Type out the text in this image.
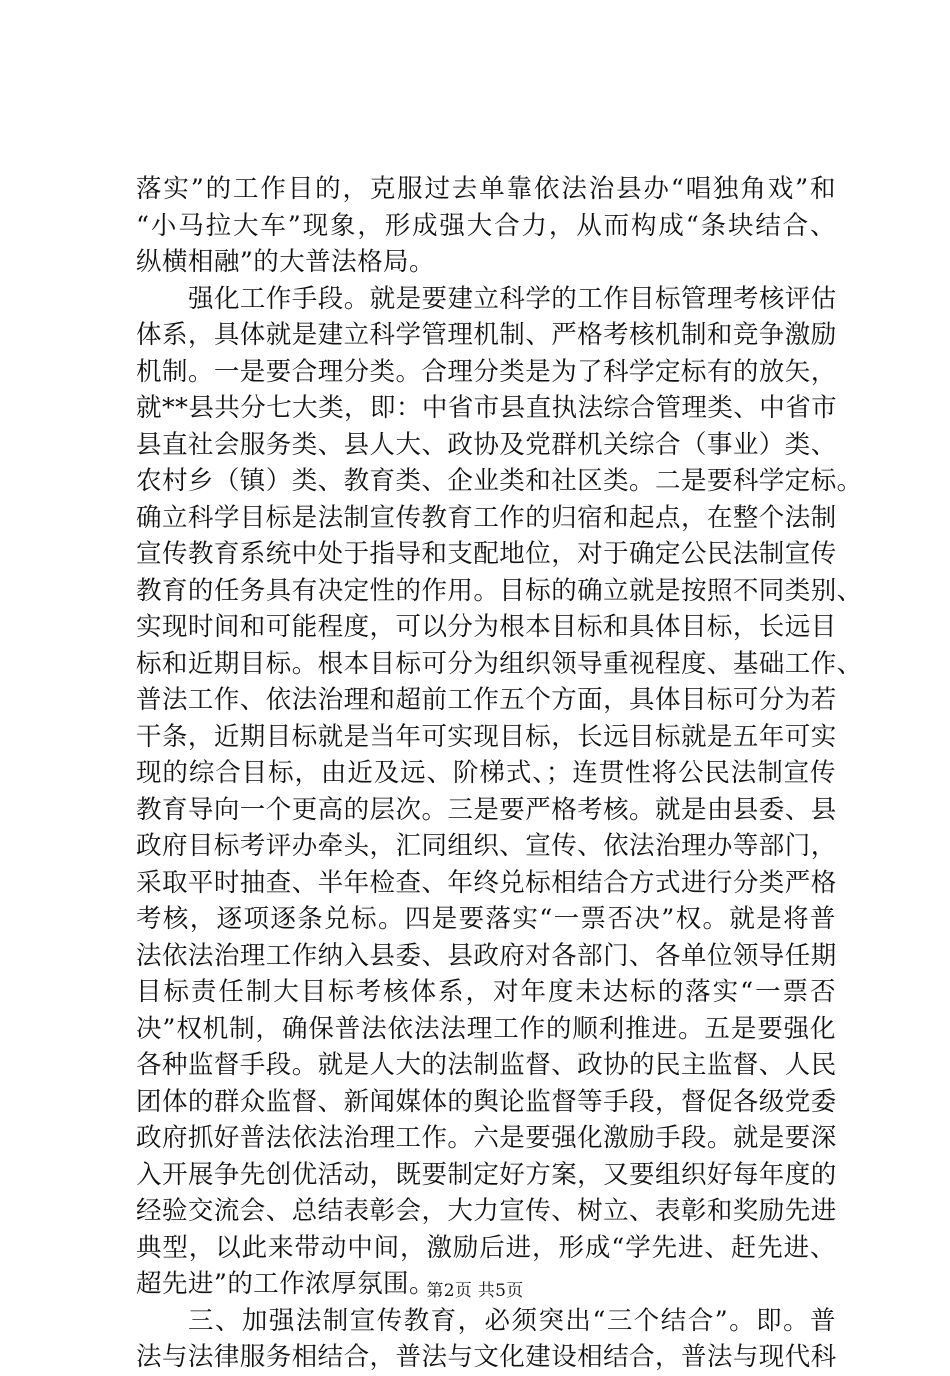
落实”的工作目的，克服过去单靠依法治县办“唱独角戏”和
“小马拉大车”现象，形成强大合力，从而构成“条块结合、
纵横相融”的大普法格局。
强化工作手段。就是要建立科学的工作目标管理考核评估
体系，具体就是建立科学管理机制、严格考核机制和竞争激励
机制。一是要合理分类。合理分类是为了科学定标有的放矢，
就**县共分七大类，即：中省市县直执法综合管理类、中省市
县直社会服务类、县人大、政协及党群机关综合（事业）类、
农村乡（镇）类、教育类、企业类和社区类。二是要科学定标。
确立科学目标是法制宣传教育工作的归宿和起点，在整个法制
宣传教育系统中处于指导和支配地位，对于确定公民法制宣传
教育的任务具有决定性的作用。目标的确立就是按照不同类别、
实现时间和可能程度，可以分为根本目标和具体目标，长远目
标和近期目标。根本目标可分为组织领导重视程度、基础工作、
普法工作、依法治理和超前工作五个方面，具体目标可分为若
干条，近期目标就是当年可实现目标，长远目标就是五年可实
现的综合目标，由近及远、阶梯式、；连贯性将公民法制宣传
教育导向一个更高的层次。三是要严格考核。就是由县委、县
政府目标考评办牵头，汇同组织、宣传、依法治理办等部门，
采取平时抽查、半年检查、年终兑标相结合方式进行分类严格
考核，逐项逐条兑标。四是要落实“一票否决”权。就是将普
法依法治理工作纳入县委、县政府对各部门、各单位领导任期
目标责任制大目标考核体系，对年度未达标的落实“一票否
决”权机制，确保普法依法法理工作的顺利推进。五是要强化
各种监督手段。就是人大的法制监督、政协的民主监督、人民
团体的群众监督、新闻媒体的舆论监督等手段，督促各级党委
政府抓好普法依法治理工作。六是要强化激励手段。就是要深
入开展争先创优活动，既要制定好方案，又要组织好每年度的
经验交流会、总结表彰会，大力宣传、树立、表彰和奖励先进
典型，以此来带动中间，激励后进，形成“学先进、赶先进、
超先进”的工作浓厚氛围。
三、加强法制宣传教育，必须突出“三个结合”。即。普
法与法律服务相结合，普法与文化建设相结合，普法与现代科
第2页 共5页
